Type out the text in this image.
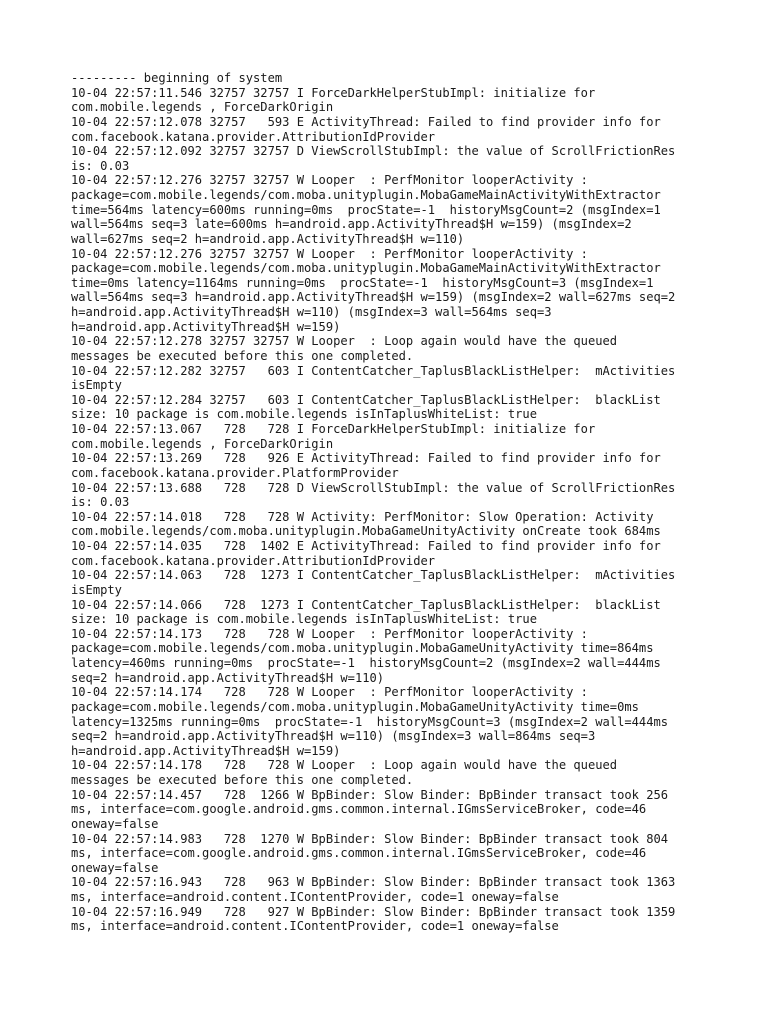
--------- beginning of system
10-04 22:57:11.546 32757 32757 I ForceDarkHelperStubImpl: initialize for
com.mobile.legends , ForceDarkOrigin
10-04 22:57:12.078 32757   593 E ActivityThread: Failed to find provider info for
com.facebook.katana.provider.AttributionIdProvider
10-04 22:57:12.092 32757 32757 D ViewScrollStubImpl: the value of ScrollFrictionRes
is: 0.03
10-04 22:57:12.276 32757 32757 W Looper  : PerfMonitor looperActivity :
package=com.mobile.legends/com.moba.unityplugin.MobaGameMainActivityWithExtractor
time=564ms latency=600ms running=0ms  procState=-1  historyMsgCount=2 (msgIndex=1
wall=564ms seq=3 late=600ms h=android.app.ActivityThread$H w=159) (msgIndex=2
wall=627ms seq=2 h=android.app.ActivityThread$H w=110)
10-04 22:57:12.276 32757 32757 W Looper  : PerfMonitor looperActivity :
package=com.mobile.legends/com.moba.unityplugin.MobaGameMainActivityWithExtractor
time=0ms latency=1164ms running=0ms  procState=-1  historyMsgCount=3 (msgIndex=1
wall=564ms seq=3 h=android.app.ActivityThread$H w=159) (msgIndex=2 wall=627ms seq=2
h=android.app.ActivityThread$H w=110) (msgIndex=3 wall=564ms seq=3
h=android.app.ActivityThread$H w=159)
10-04 22:57:12.278 32757 32757 W Looper  : Loop again would have the queued
messages be executed before this one completed.
10-04 22:57:12.282 32757   603 I ContentCatcher_TaplusBlackListHelper:  mActivities
isEmpty
10-04 22:57:12.284 32757   603 I ContentCatcher_TaplusBlackListHelper:  blackList
size: 10 package is com.mobile.legends isInTaplusWhiteList: true
10-04 22:57:13.067   728   728 I ForceDarkHelperStubImpl: initialize for
com.mobile.legends , ForceDarkOrigin
10-04 22:57:13.269   728   926 E ActivityThread: Failed to find provider info for
com.facebook.katana.provider.PlatformProvider
10-04 22:57:13.688   728   728 D ViewScrollStubImpl: the value of ScrollFrictionRes
is: 0.03
10-04 22:57:14.018   728   728 W Activity: PerfMonitor: Slow Operation: Activity
com.mobile.legends/com.moba.unityplugin.MobaGameUnityActivity onCreate took 684ms
10-04 22:57:14.035   728  1402 E ActivityThread: Failed to find provider info for
com.facebook.katana.provider.AttributionIdProvider
10-04 22:57:14.063   728  1273 I ContentCatcher_TaplusBlackListHelper:  mActivities
isEmpty
10-04 22:57:14.066   728  1273 I ContentCatcher_TaplusBlackListHelper:  blackList
size: 10 package is com.mobile.legends isInTaplusWhiteList: true
10-04 22:57:14.173   728   728 W Looper  : PerfMonitor looperActivity :
package=com.mobile.legends/com.moba.unityplugin.MobaGameUnityActivity time=864ms
latency=460ms running=0ms  procState=-1  historyMsgCount=2 (msgIndex=2 wall=444ms
seq=2 h=android.app.ActivityThread$H w=110)
10-04 22:57:14.174   728   728 W Looper  : PerfMonitor looperActivity :
package=com.mobile.legends/com.moba.unityplugin.MobaGameUnityActivity time=0ms
latency=1325ms running=0ms  procState=-1  historyMsgCount=3 (msgIndex=2 wall=444ms
seq=2 h=android.app.ActivityThread$H w=110) (msgIndex=3 wall=864ms seq=3
h=android.app.ActivityThread$H w=159)
10-04 22:57:14.178   728   728 W Looper  : Loop again would have the queued
messages be executed before this one completed.
10-04 22:57:14.457   728  1266 W BpBinder: Slow Binder: BpBinder transact took 256
ms, interface=com.google.android.gms.common.internal.IGmsServiceBroker, code=46
oneway=false
10-04 22:57:14.983   728  1270 W BpBinder: Slow Binder: BpBinder transact took 804
ms, interface=com.google.android.gms.common.internal.IGmsServiceBroker, code=46
oneway=false
10-04 22:57:16.943   728   963 W BpBinder: Slow Binder: BpBinder transact took 1363
ms, interface=android.content.IContentProvider, code=1 oneway=false
10-04 22:57:16.949   728   927 W BpBinder: Slow Binder: BpBinder transact took 1359
ms, interface=android.content.IContentProvider, code=1 oneway=false
